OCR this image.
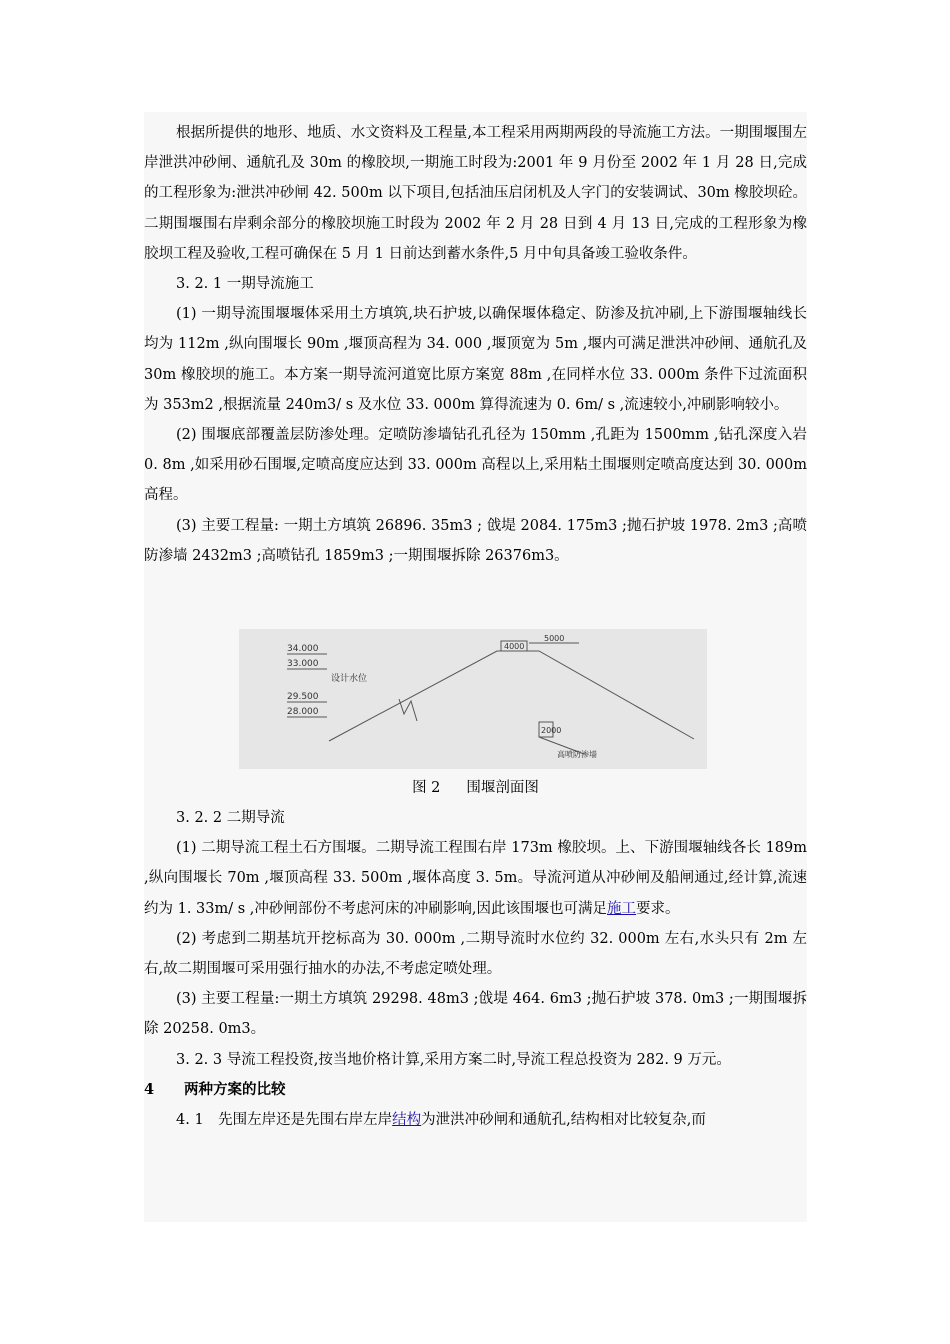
根据所提供的地形、地质、水文资料及工程量,本工程采用两期两段的导流施工方法。一期围堰围左岸泄洪冲砂闸、通航孔及 30m 的橡胶坝,一期施工时段为:2001 年 9 月份至 2002 年 1 月 28 日,完成的工程形象为:泄洪冲砂闸 42. 500m 以下项目,包括油压启闭机及人字门的安装调试、30m 橡胶坝砼。二期围堰围右岸剩余部分的橡胶坝施工时段为 2002 年 2 月 28 日到 4 月 13 日,完成的工程形象为橡胶坝工程及验收,工程可确保在 5 月 1 日前达到蓄水条件,5 月中旬具备竣工验收条件。

3. 2. 1 一期导流施工

(1) 一期导流围堰堰体采用土方填筑,块石护坡,以确保堰体稳定、防渗及抗冲刷,上下游围堰轴线长均为 112m ,纵向围堰长 90m ,堰顶高程为 34. 000 ,堰顶宽为 5m ,堰内可满足泄洪冲砂闸、通航孔及 30m 橡胶坝的施工。本方案一期导流河道宽比原方案宽 88m ,在同样水位 33. 000m 条件下过流面积为 353m2 ,根据流量 240m3/ s 及水位 33. 000m 算得流速为 0. 6m/ s ,流速较小,冲刷影响较小。

(2) 围堰底部覆盖层防渗处理。定喷防渗墙钻孔孔径为 150mm ,孔距为 1500mm ,钻孔深度入岩 0. 8m ,如采用砂石围堰,定喷高度应达到 33. 000m 高程以上,采用粘土围堰则定喷高度达到 30. 000m 高程。

(3) 主要工程量: 一期土方填筑 26896. 35m3 ; 戗堤 2084. 175m3 ;抛石护坡 1978. 2m3 ;高喷防渗墙 2432m3 ;高喷钻孔 1859m3 ;一期围堰拆除 26376m3。

34.000
33.000
设计水位
29.500
28.000
4000
5000
2000
高喷防渗墙
图 2 围堰剖面图

3. 2. 2 二期导流

(1) 二期导流工程土石方围堰。二期导流工程围右岸 173m 橡胶坝。上、下游围堰轴线各长 189m ,纵向围堰长 70m ,堰顶高程 33. 500m ,堰体高度 3. 5m。导流河道从冲砂闸及船闸通过,经计算,流速约为 1. 33m/ s ,冲砂闸部份不考虑河床的冲刷影响,因此该围堰也可满足施工要求。

(2) 考虑到二期基坑开挖标高为 30. 000m ,二期导流时水位约 32. 000m 左右,水头只有 2m 左右,故二期围堰可采用强行抽水的办法,不考虑定喷处理。

(3) 主要工程量:一期土方填筑 29298. 48m3 ;戗堤 464. 6m3 ;抛石护坡 378. 0m3 ;一期围堰拆除 20258. 0m3。

3. 2. 3 导流工程投资,按当地价格计算,采用方案二时,导流工程总投资为 282. 9 万元。

4 两种方案的比较

4. 1　先围左岸还是先围右岸左岸结构为泄洪冲砂闸和通航孔,结构相对比较复杂,而
